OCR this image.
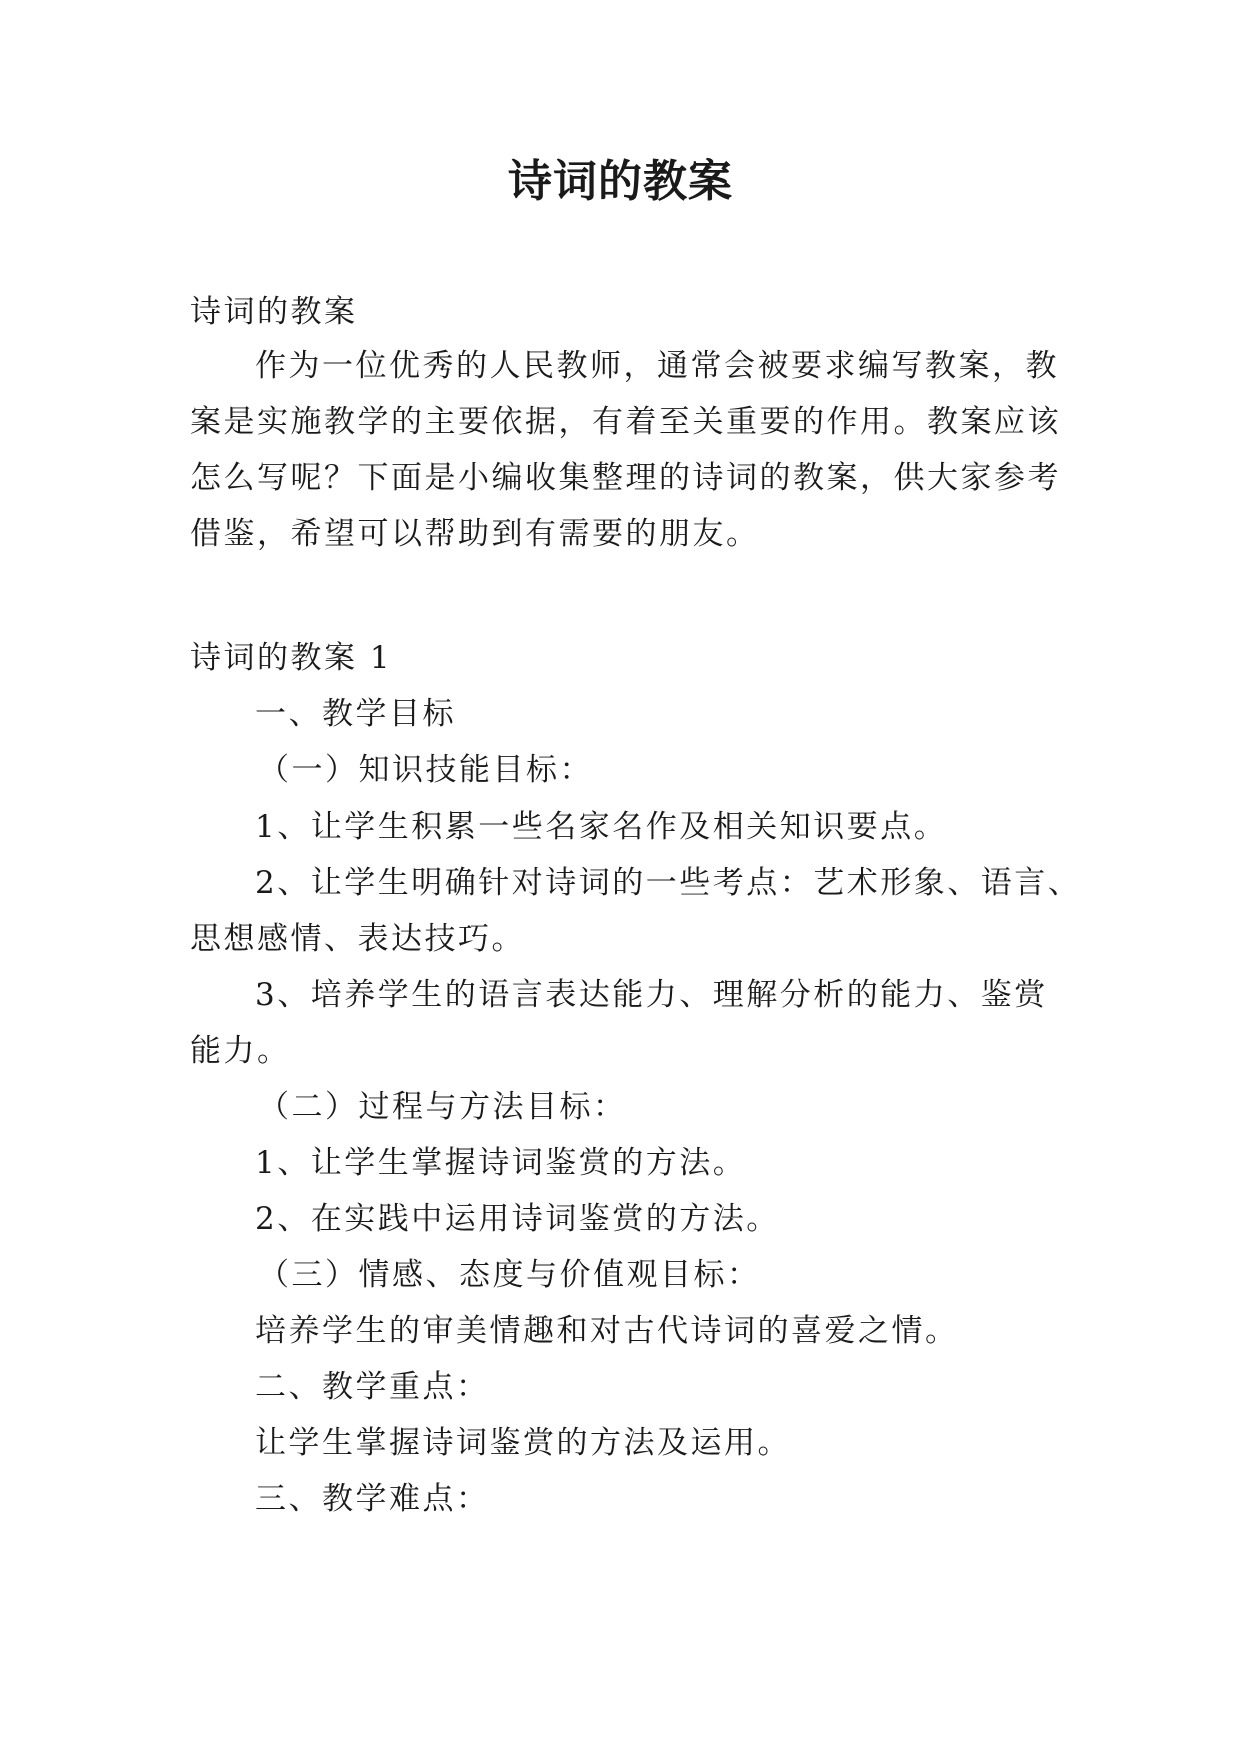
诗词的教案
诗词的教案
作为一位优秀的人民教师，通常会被要求编写教案，教
案是实施教学的主要依据，有着至关重要的作用。教案应该
怎么写呢？下面是小编收集整理的诗词的教案，供大家参考
借鉴，希望可以帮助到有需要的朋友。
诗词的教案 1
一、教学目标
（一）知识技能目标：
1、让学生积累一些名家名作及相关知识要点。
2、让学生明确针对诗词的一些考点：艺术形象、语言、
思想感情、表达技巧。
3、培养学生的语言表达能力、理解分析的能力、鉴赏
能力。
（二）过程与方法目标：
1、让学生掌握诗词鉴赏的方法。
2、在实践中运用诗词鉴赏的方法。
（三）情感、态度与价值观目标：
培养学生的审美情趣和对古代诗词的喜爱之情。
二、教学重点：
让学生掌握诗词鉴赏的方法及运用。
三、教学难点：
